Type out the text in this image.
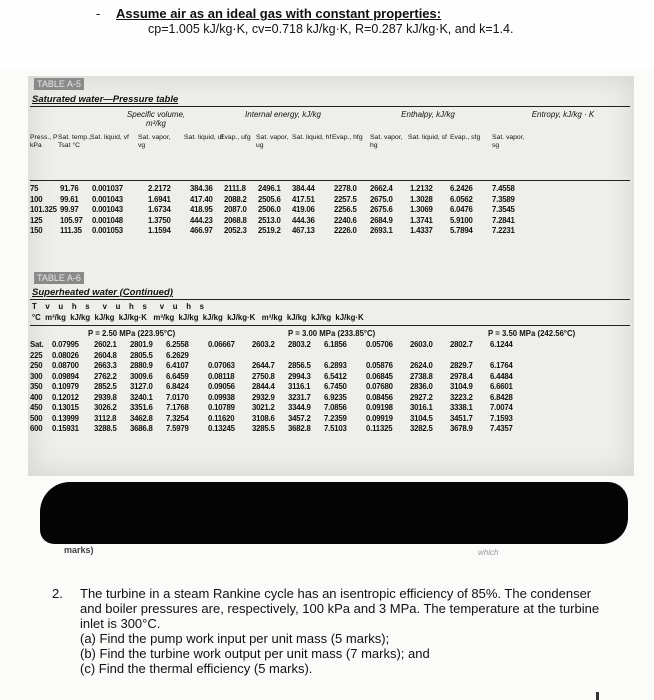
- Assume air as an ideal gas with constant properties:
cp=1.005 kJ/kg·K, cv=0.718 kJ/kg·K, R=0.287 kJ/kg·K, and k=1.4.
TABLE A-5
Saturated water—Pressure table
Specific volume, m³/kg
Internal energy, kJ/kg	Enthalpy, kJ/kg	Entropy, kJ/kg · K
Press., P kPa
Sat. temp., Tsat °C
Sat. liquid, vf Sat. vapor, vg
Sat. liquid, uf
Evap., ufg Sat. vapor, ug
Sat. liquid, hf Evap., hfg	Sat. vapor, hg
Sat. liquid, sf Evap., sfg	Sat. vapor, sg
75	91.76 0.001037	2.2172 384.36 2111.8 2496.1 384.44 2278.0 2662.4 1.2132 6.2426 7.4558
100 99.61 0.001043	1.6941 417.40 2088.2 2505.6 417.51 2257.5 2675.0 1.3028 6.0562 7.3589
101.325 99.97 0.001043	1.6734 418.95 2087.0 2506.0 419.06 2256.5 2675.6 1.3069 6.0476 7.3545
125 105.97 0.001048	1.3750 444.23 2068.8 2513.0 444.36 2240.6 2684.9 1.3741 5.9100 7.2841
150 111.35 0.001053	1.1594 466.97 2052.3 2519.2 467.13 2226.0 2693.1 1.4337 5.7894 7.2231
TABLE A-6
Superheated water (Continued)
T    v    u    h    s      v    u    h    s      v    u    h    s
°C  m³/kg  kJ/kg  kJ/kg  kJ/kg·K   m³/kg  kJ/kg  kJ/kg  kJ/kg·K   m³/kg  kJ/kg  kJ/kg  kJ/kg·K
P = 2.50 MPa (223.95°C)	P = 3.00 MPa (233.85°C)	P = 3.50 MPa (242.56°C)
Sat. 0.07995 2602.1 2801.9 6.2558 0.06667 2603.2 2803.2 6.1856 0.05706 2603.0 2802.7 6.1244
225 0.08026 2604.8 2805.5 6.2629
250 0.08700 2663.3 2880.9 6.4107 0.07063 2644.7 2856.5 6.2893 0.05876 2624.0 2829.7 6.1764
300 0.09894 2762.2 3009.6 6.6459 0.08118 2750.8 2994.3 6.5412 0.06845 2738.8 2978.4 6.4484
350 0.10979 2852.5 3127.0 6.8424 0.09056 2844.4 3116.1 6.7450 0.07680 2836.0 3104.9 6.6601
400 0.12012 2939.8 3240.1 7.0170 0.09938 2932.9 3231.7 6.9235 0.08456 2927.2 3223.2 6.8428
450 0.13015 3026.2 3351.6 7.1768 0.10789 3021.2 3344.9 7.0856 0.09198 3016.1 3338.1 7.0074
500 0.13999 3112.8 3462.8 7.3254 0.11620 3108.6 3457.2 7.2359 0.09919 3104.5 3451.7 7.1593
600 0.15931 3288.5 3686.8 7.5979 0.13245 3285.5 3682.8 7.5103 0.11325 3282.5 3678.9 7.4357
marks)	which
2. The turbine in a steam Rankine cycle has an isentropic efficiency of 85%. The condenser and boiler pressures are, respectively, 100 kPa and 3 MPa. The temperature at the turbine inlet is 300°C.

(a) Find the pump work input per unit mass (5 marks);

(b) Find the turbine work output per unit mass (7 marks); and

(c) Find the thermal efficiency (5 marks).
